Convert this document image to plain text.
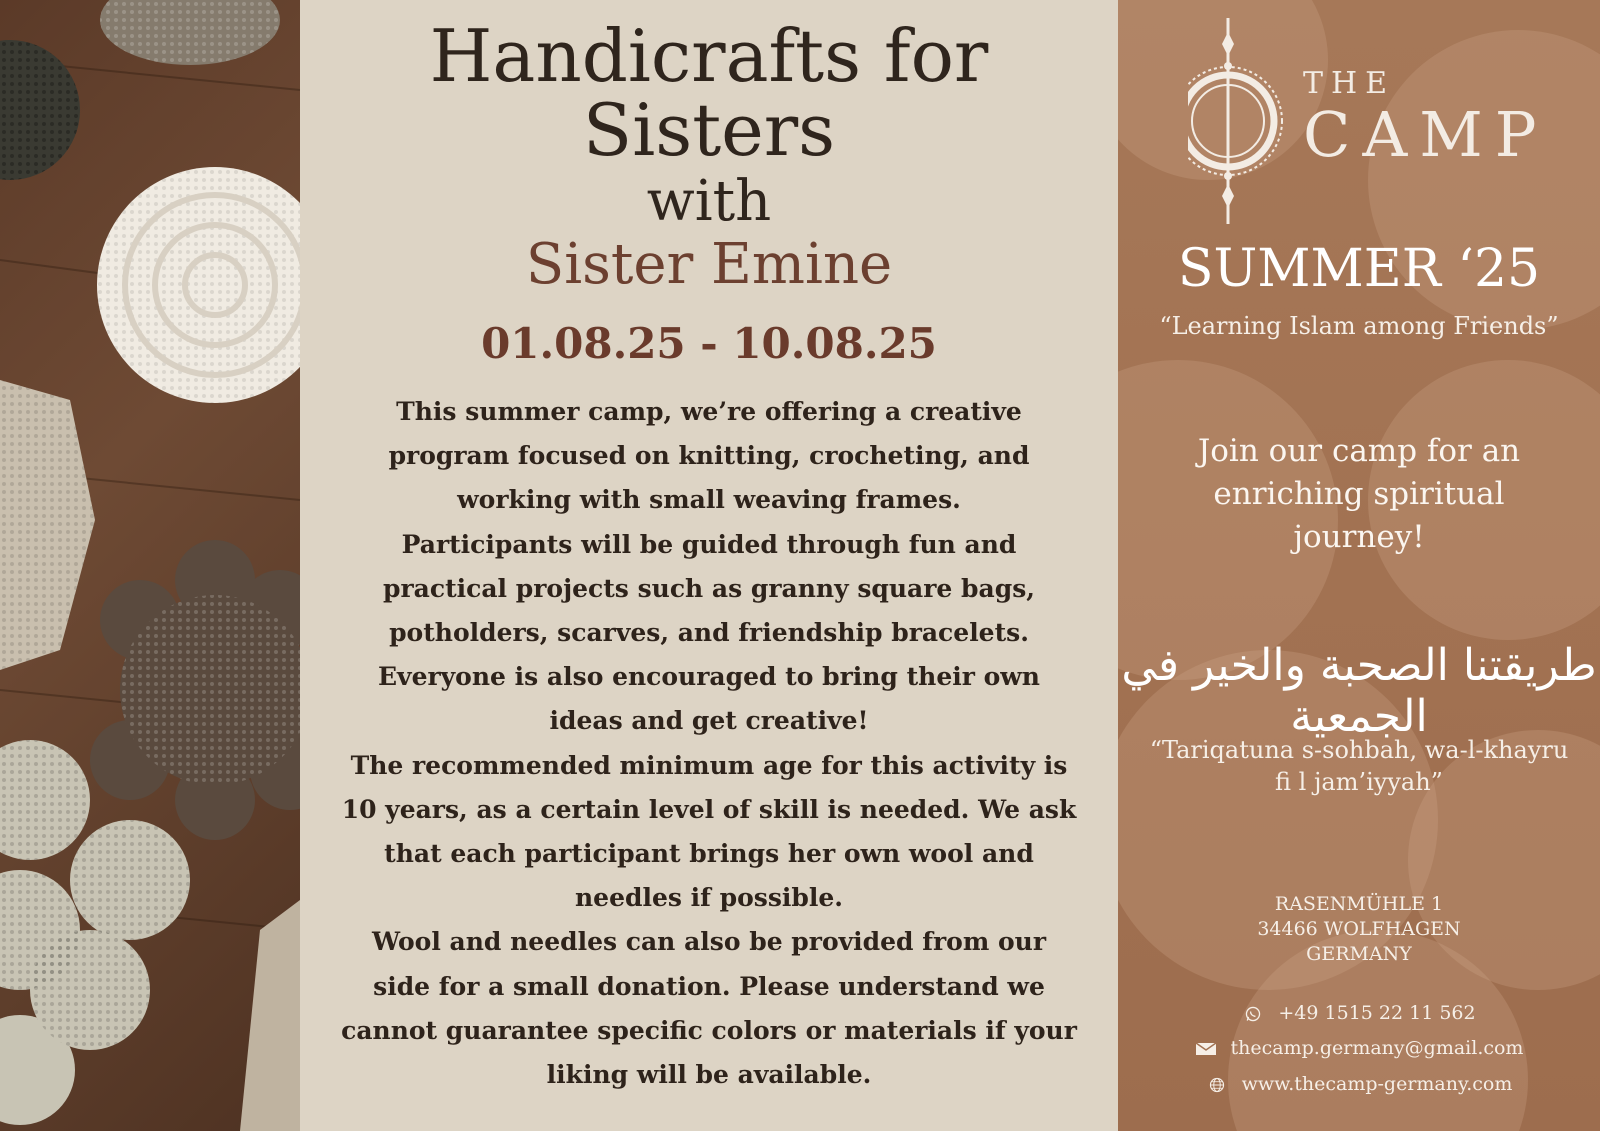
Handicrafts for
Sisters
with
Sister Emine
01.08.25 - 10.08.25

This summer camp, we’re offering a creative program focused on knitting, crocheting, and working with small weaving frames.

Participants will be guided through fun and practical projects such as granny square bags, potholders, scarves, and friendship bracelets.

Everyone is also encouraged to bring their own ideas and get creative!

The recommended minimum age for this activity is 10 years, as a certain level of skill is needed. We ask that each participant brings her own wool and needles if possible.

Wool and needles can also be provided from our side for a small donation. Please understand we cannot guarantee specific colors or materials if your liking will be available.

THE
CAMP
SUMMER ‘25
“Learning Islam among Friends”
Join our camp for an enriching spiritual journey!
طريقتنا الصحبة والخير في الجمعية
“Tariqatuna s-sohbah, wa-l-khayru fi l jam’iyyah”
RASENMÜHLE 1
34466 WOLFHAGEN
GERMANY
+49 1515 22 11 562
thecamp.germany@gmail.com
www.thecamp-germany.com
